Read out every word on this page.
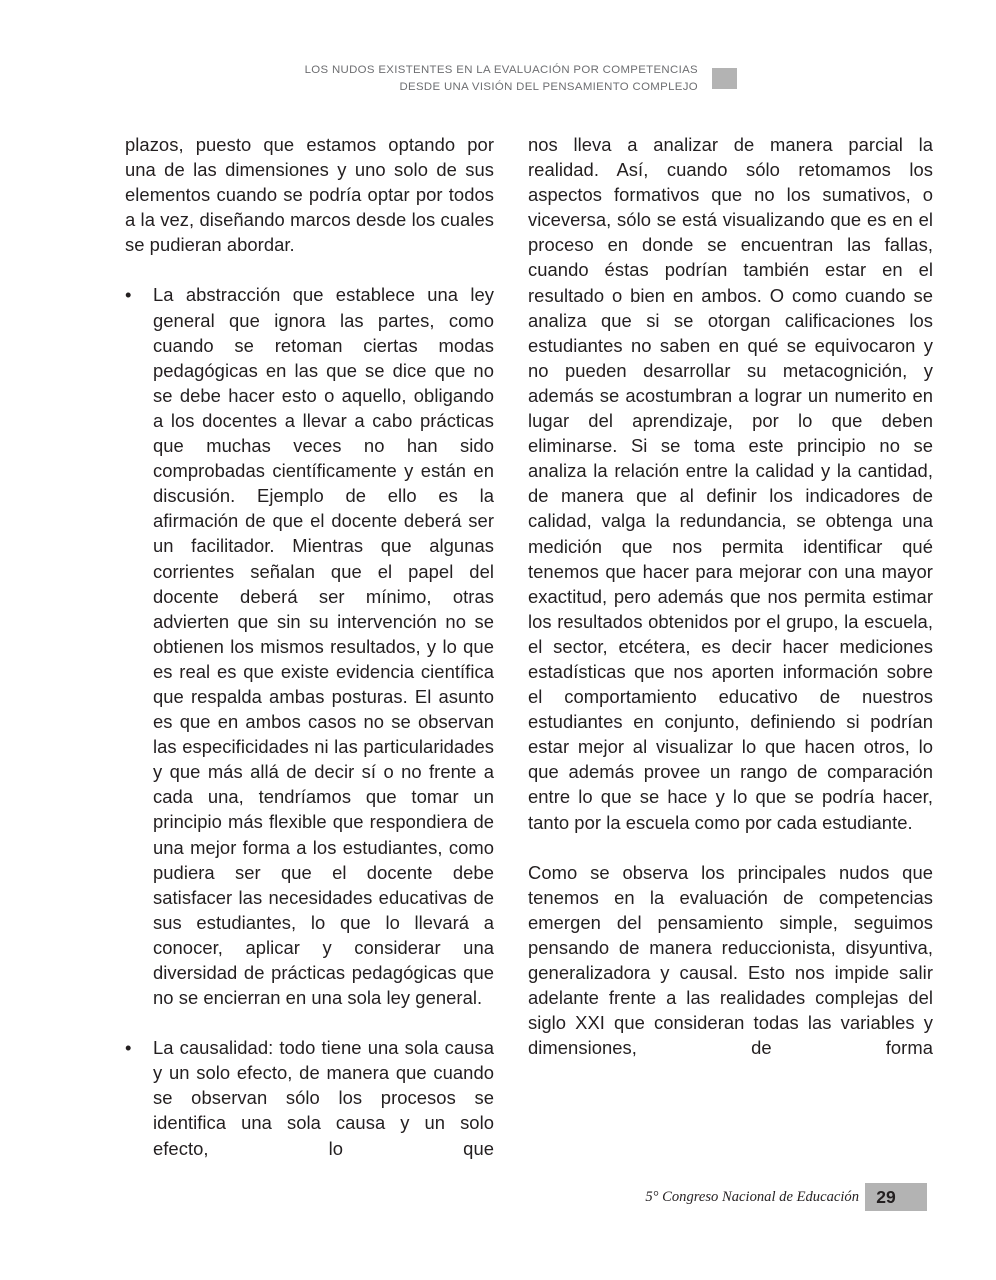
LOS NUDOS EXISTENTES EN LA EVALUACIÓN POR COMPETENCIAS
DESDE UNA VISIÓN DEL PENSAMIENTO COMPLEJO

plazos, puesto que estamos optando por una de las dimensiones y uno solo de sus elementos cuando se podría optar por todos a la vez, diseñando marcos desde los cuales se pudieran abordar.

•	La abstracción que establece una ley general que ignora las partes, como cuando se retoman ciertas modas pedagógicas en las que se dice que no se debe hacer esto o aquello, obligando a los docentes a llevar a cabo prácticas que muchas veces no han sido comprobadas científicamente y están en discusión. Ejemplo de ello es la afirmación de que el docente deberá ser un facilitador. Mientras que algunas corrientes señalan que el papel del docente deberá ser mínimo, otras advierten que sin su intervención no se obtienen los mismos resultados, y lo que es real es que existe evidencia científica que respalda ambas posturas. El asunto es que en ambos casos no se observan las especificidades ni las particularidades y que más allá de decir sí o no frente a cada una, tendríamos que tomar un principio más flexible que respondiera de una mejor forma a los estudiantes, como pudiera ser que el docente debe satisfacer las necesidades educativas de sus estudiantes, lo que lo llevará a conocer, aplicar y considerar una diversidad de prácticas pedagógicas que no se encierran en una sola ley general.

•	La causalidad: todo tiene una sola causa y un solo efecto, de manera que cuando se observan sólo los procesos se identifica una sola causa y un solo efecto, lo que

nos lleva a analizar de manera parcial la realidad. Así, cuando sólo retomamos los aspectos formativos que no los sumativos, o viceversa, sólo se está visualizando que es en el proceso en donde se encuentran las fallas, cuando éstas podrían también estar en el resultado o bien en ambos. O como cuando se analiza que si se otorgan calificaciones los estudiantes no saben en qué se equivocaron y no pueden desarrollar su metacognición, y además se acostumbran a lograr un numerito en lugar del aprendizaje, por lo que deben eliminarse. Si se toma este principio no se analiza la relación entre la calidad y la cantidad, de manera que al definir los indicadores de calidad, valga la redundancia, se obtenga una medición que nos permita identificar qué tenemos que hacer para mejorar con una mayor exactitud, pero además que nos permita estimar los resultados obtenidos por el grupo, la escuela, el sector, etcétera, es decir hacer mediciones estadísticas que nos aporten información sobre el comportamiento educativo de nuestros estudiantes en conjunto, definiendo si podrían estar mejor al visualizar lo que hacen otros, lo que además provee un rango de comparación entre lo que se hace y lo que se podría hacer, tanto por la escuela como por cada estudiante.

Como se observa los principales nudos que tenemos en la evaluación de competencias emergen del pensamiento simple, seguimos pensando de manera reduccionista, disyuntiva, generalizadora y causal. Esto nos impide salir adelante frente a las realidades complejas del siglo XXI que consideran todas las variables y dimensiones, de forma

5° Congreso Nacional de Educación 29
